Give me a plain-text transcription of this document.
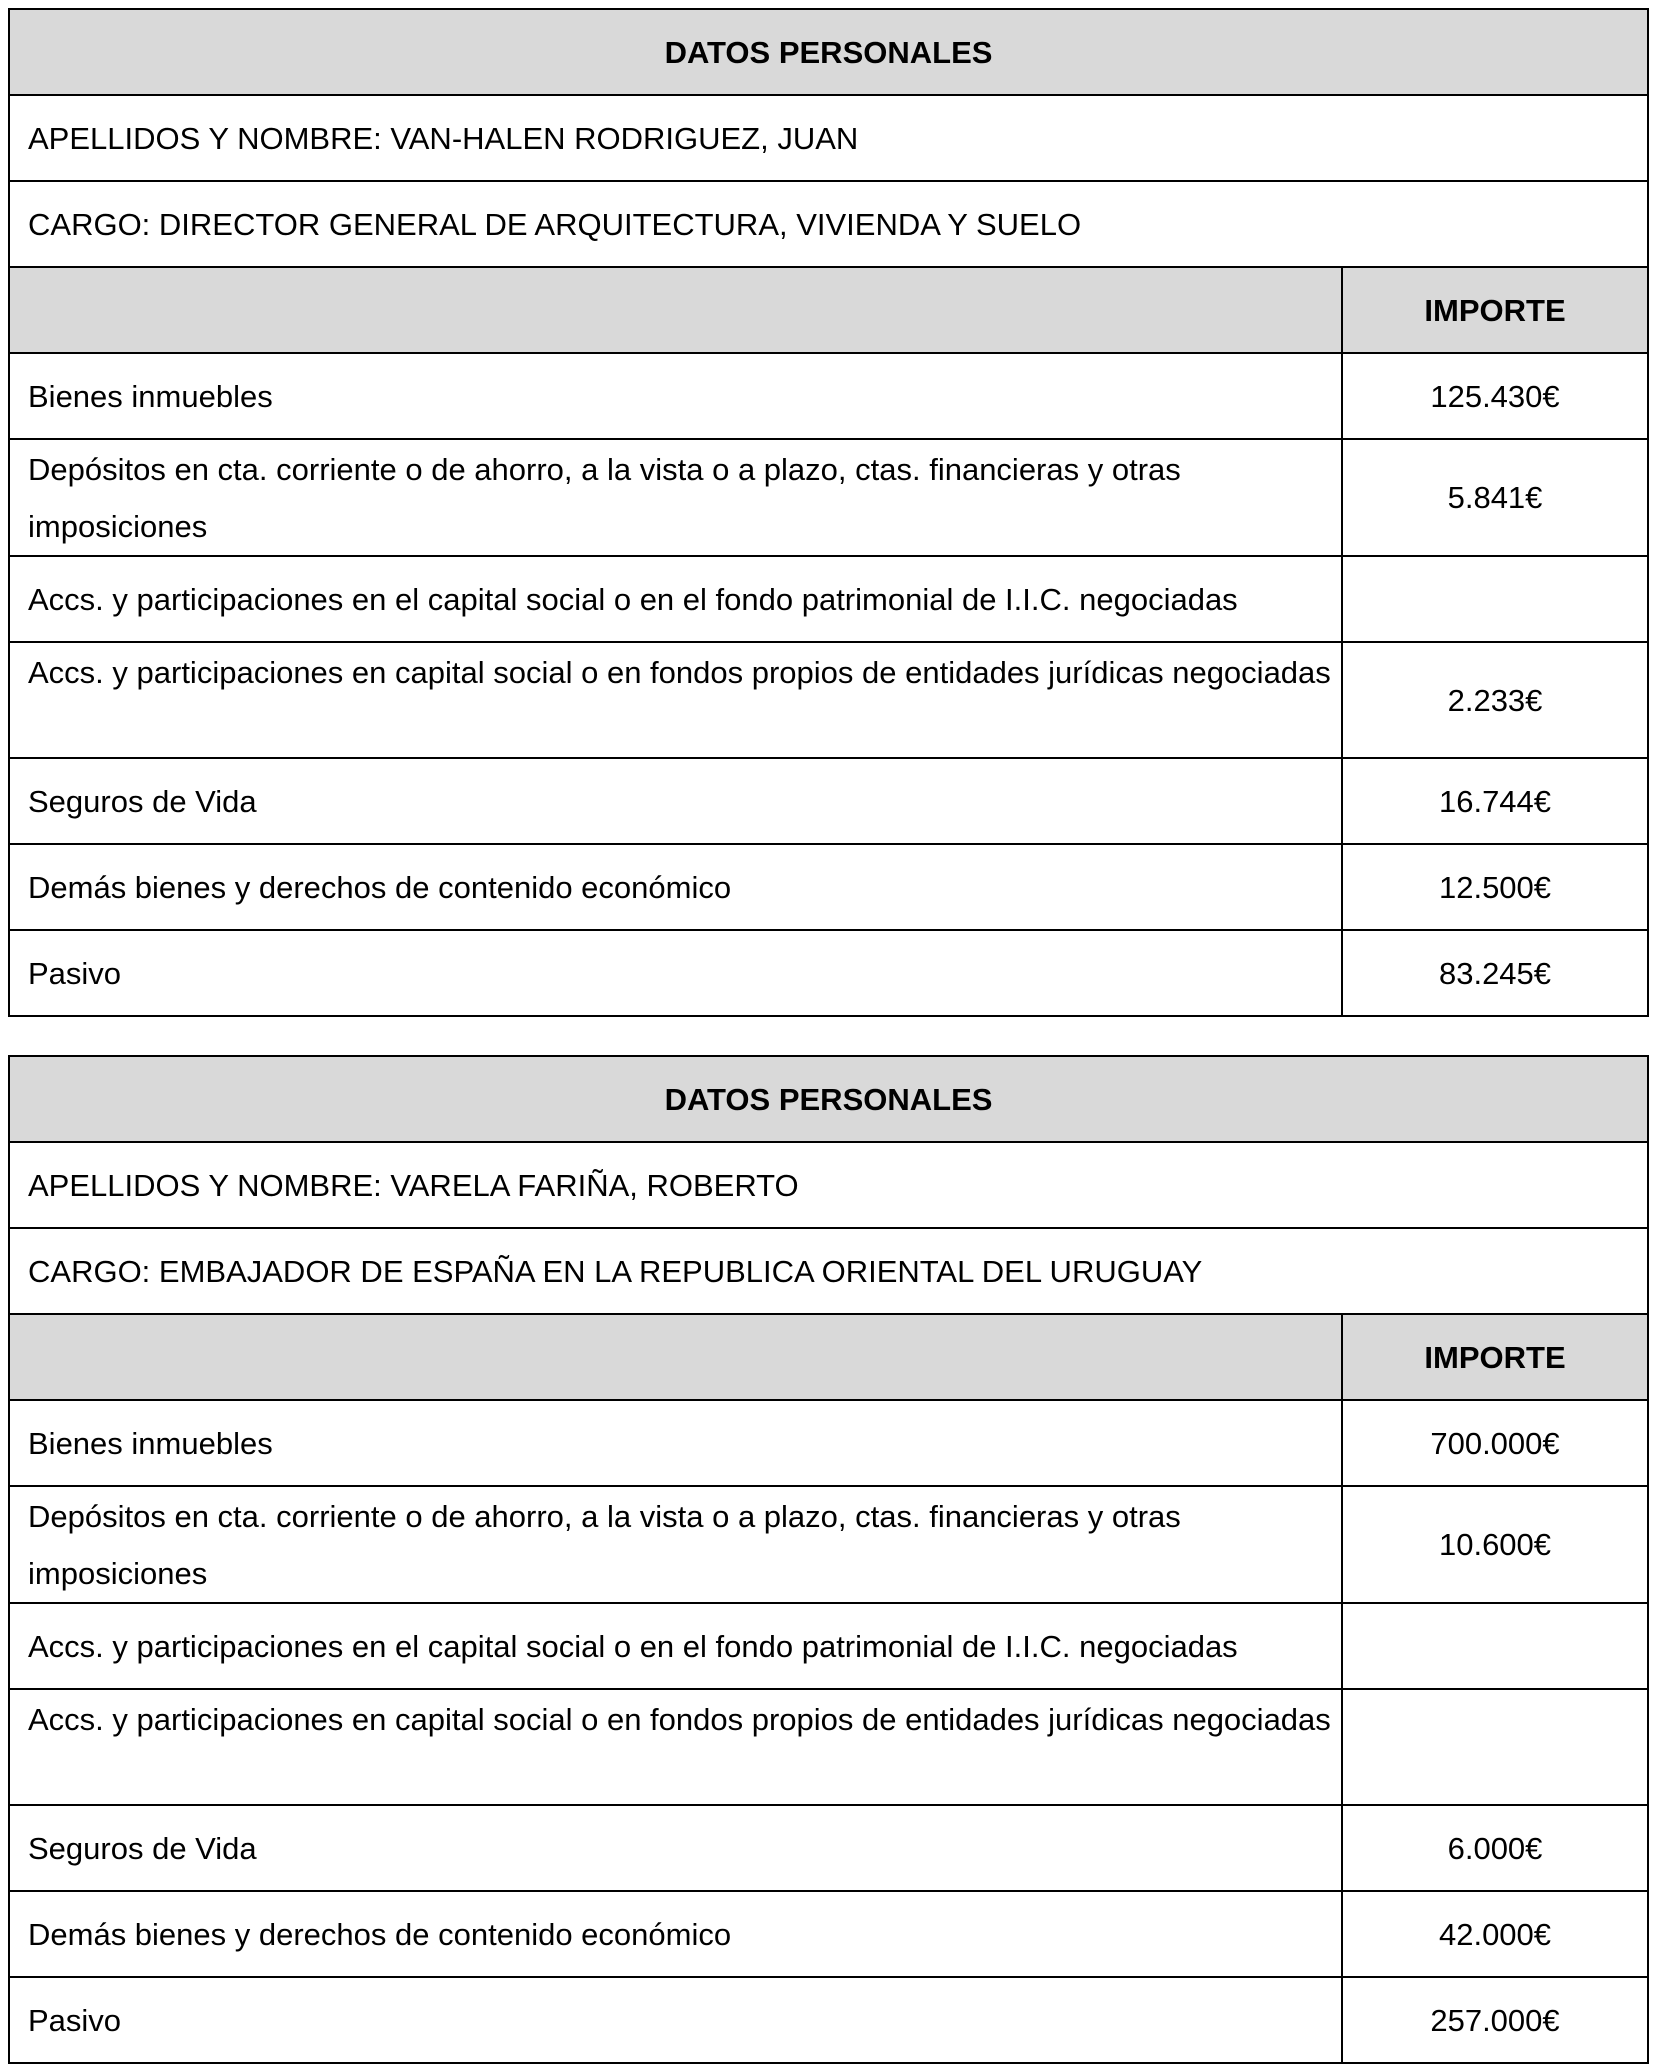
DATOS PERSONALES	
APELLIDOS Y NOMBRE: VAN-HALEN RODRIGUEZ, JUAN	
CARGO: DIRECTOR GENERAL DE ARQUITECTURA, VIVIENDA Y SUELO	
	IMPORTE
Bienes inmuebles	125.430€
Depósitos en cta. corriente o de ahorro, a la vista o a plazo, ctas. financieras y otras imposiciones	5.841€
Accs. y participaciones en el capital social o en el fondo patrimonial de I.I.C. negociadas	
Accs. y participaciones en capital social o en fondos propios de entidades jurídicas negociadas	2.233€
Seguros de Vida	16.744€
Demás bienes y derechos de contenido económico	12.500€
Pasivo	83.245€
DATOS PERSONALES	
APELLIDOS Y NOMBRE: VARELA FARIÑA, ROBERTO	
CARGO: EMBAJADOR DE ESPAÑA EN LA REPUBLICA ORIENTAL DEL URUGUAY	
	IMPORTE
Bienes inmuebles	700.000€
Depósitos en cta. corriente o de ahorro, a la vista o a plazo, ctas. financieras y otras imposiciones	10.600€
Accs. y participaciones en el capital social o en el fondo patrimonial de I.I.C. negociadas	
Accs. y participaciones en capital social o en fondos propios de entidades jurídicas negociadas	
Seguros de Vida	6.000€
Demás bienes y derechos de contenido económico	42.000€
Pasivo	257.000€
